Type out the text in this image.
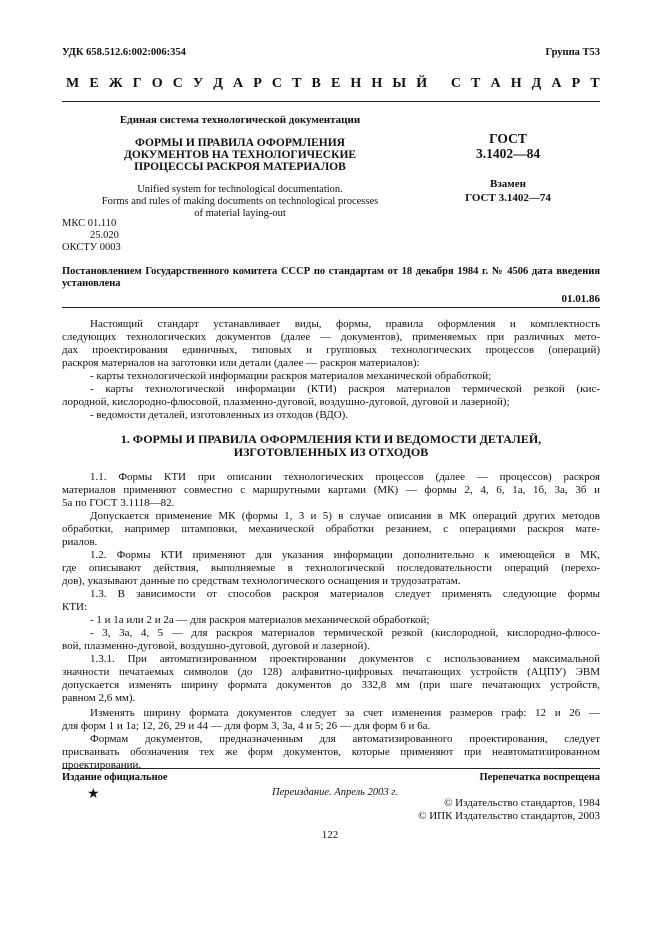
УДК 658.512.6:002:006:354	Группа Т53
М Е Ж Г О С У Д А Р С Т В Е Н Н Ы Й
С Т А Н Д А Р Т
Единая система технологической документации
ФОРМЫ И ПРАВИЛА ОФОРМЛЕНИЯ
ДОКУМЕНТОВ НА ТЕХНОЛОГИЧЕСКИЕ
ПРОЦЕССЫ РАСКРОЯ МАТЕРИАЛОВ
Unified system for technological documentation.
Forms and rules of making documents on technological processes
of material laying-out
МКС 01.110
25.020
ОКСТУ 0003
ГОСТ
3.1402—84
Взамен
ГОСТ 3.1402—74
Постановлением Государственного комитета СССР по стандартам от 18 декабря 1984 г. № 4506 дата введения
установлена
01.01.86
Настоящий стандарт устанавливает виды, формы, правила оформления и комплектность
следующих технологических документов (далее — документов), применяемых при различных мето-
дах проектирования единичных, типовых и групповых технологических процессов (операций)
раскроя материалов на заготовки или детали (далее — раскроя материалов):
- карты технологической информации раскроя материалов механической обработкой;
- карты технологической информации (КТИ) раскроя материалов термической резкой (кис-
лородной, кислородно-флюсовой, плазменно-дуговой, воздушно-дуговой, дуговой и лазерной);
- ведомости деталей, изготовленных из отходов (ВДО).
1. ФОРМЫ И ПРАВИЛА ОФОРМЛЕНИЯ КТИ И ВЕДОМОСТИ ДЕТАЛЕЙ,
ИЗГОТОВЛЕННЫХ ИЗ ОТХОДОВ
1.1. Формы КТИ при описании технологических процессов (далее — процессов) раскроя
материалов применяют совместно с маршрутными картами (МК) — формы 2, 4, 6, 1а, 1б, 3а, 3б и
5а по ГОСТ 3.1118—82.
Допускается применение МК (формы 1, 3 и 5) в случае описания в МК операций других методов
обработки, например штамповки, механической обработки резанием, с операциями раскроя мате-
риалов.
1.2. Формы КТИ применяют для указания информации дополнительно к имеющейся в МК,
где описывают действия, выполняемые в технологической последовательности операций (перехо-
дов), указывают данные по средствам технологического оснащения и трудозатратам.
1.3. В зависимости от способов раскроя материалов следует применять следующие формы
КТИ:
- 1 и 1а или 2 и 2а — для раскроя материалов механической обработкой;
- 3, 3а, 4, 5 — для раскроя материалов термической резкой (кислородной, кислородно-флюсо-
вой, плазменно-дуговой, воздушно-дуговой, дуговой и лазерной).
1.3.1. При автоматизированном проектировании документов с использованием максимальной
значности печатаемых символов (до 128) алфавитно-цифровых печатающих устройств (АЦПУ) ЭВМ
допускается изменять ширину формата документов до 332,8 мм (при шаге печатающих устройств,
равном 2,6 мм).
Изменять ширину формата документов следует за счет изменения размеров граф: 12 и 26 —
для форм 1 и 1а; 12, 26, 29 и 44 — для форм 3, 3а, 4 и 5; 26 — для форм 6 и 6а.
Формам документов, предназначенным для автоматизированного проектирования, следует
присваивать обозначения тех же форм документов, которые применяют при неавтоматизированном
проектировании.
Издание официальное	Перепечатка воспрещена
★	Переиздание. Апрель 2003 г.
© Издательство стандартов, 1984
© ИПК Издательство стандартов, 2003
122
